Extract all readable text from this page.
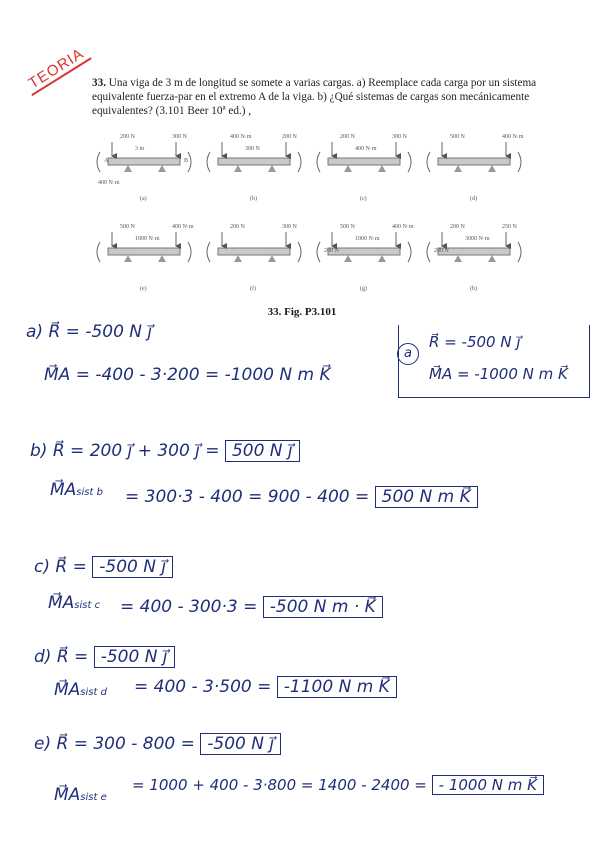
TEORIA 33. Una viga de 3 m de longitud se somete a varias cargas. a) Reemplace cada carga por un sistema equivalente fuerza-par en el extremo A de la viga. b) ¿Qué sistemas de cargas son mecánicamente equivalentes? (3.101 Beer 10ª ed.) ,
200 N	300 N
3 m
A	B
400 N·m
(a)
400 N·m	200 N
300 N
(b)
200 N	300 N
400 N·m
(c)
500 N	400 N·m
(d)
500 N	400 N·m
1000 N·m
(e)
200 N	300 N
(f)
500 N	400 N·m
1000 N·m
200 N
(g)
200 N	250 N
3000 N·m
200 N
(h)
33. Fig. P3.101
a) R⃗ = -500 N j⃗
M⃗A = -400 - 3·200 = -1000 N m K⃗
a
R⃗ = -500 N j⃗
M⃗A = -1000 N m K⃗
b) R⃗ = 200 j⃗ + 300 j⃗ = 500 N j⃗
M⃗Asist b = 300·3 - 400 = 900 - 400 = 500 N m K⃗
c) R⃗ = -500 N j⃗
M⃗Asist c = 400 - 300·3 = -500 N m · K⃗
d) R⃗ = -500 N j⃗
M⃗Asist d = 400 - 3·500 = -1100 N m K⃗
e) R⃗ = 300 - 800 = -500 N j⃗
M⃗Asist e
= 1000 + 400 - 3·800 = 1400 - 2400 = - 1000 N m K⃗
